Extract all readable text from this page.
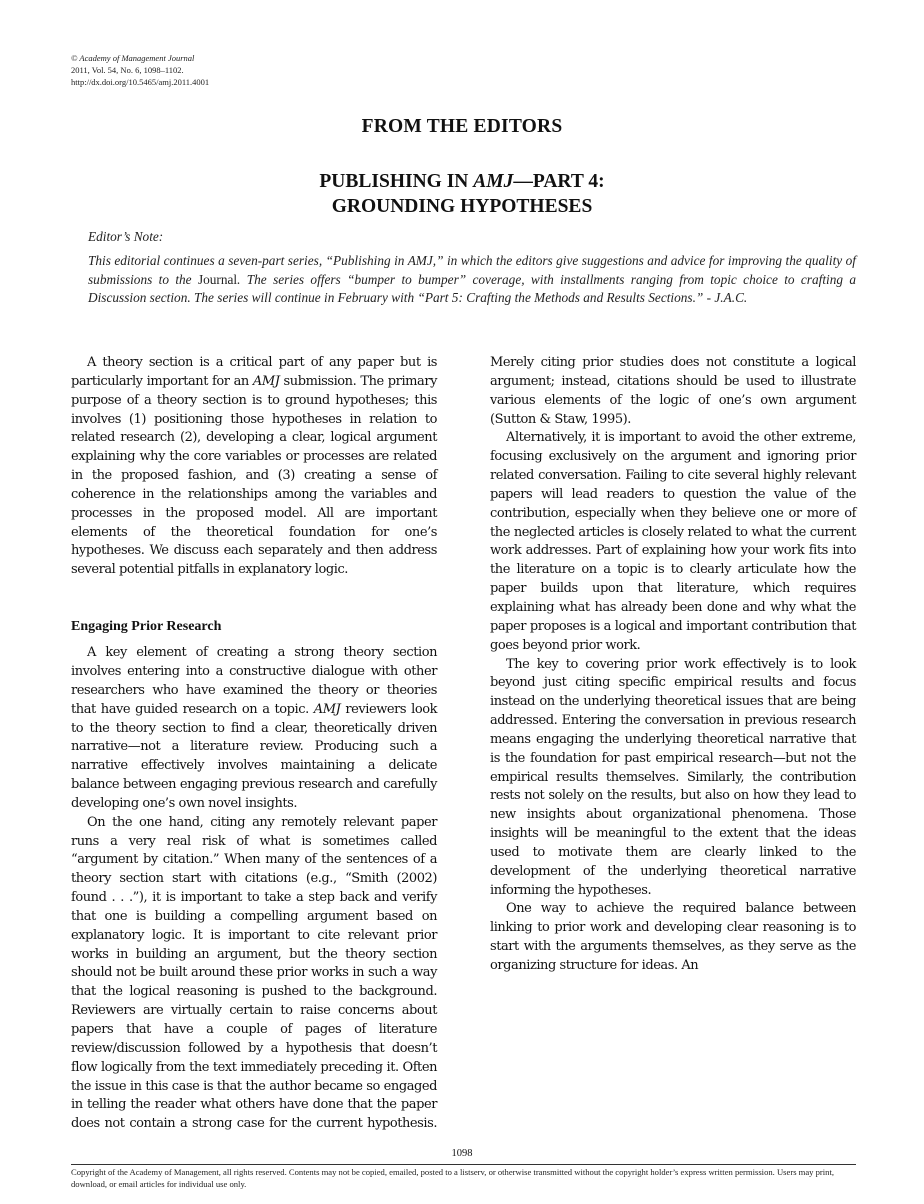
© Academy of Management Journal
2011, Vol. 54, No. 6, 1098–1102.
http://dx.doi.org/10.5465/amj.2011.4001
FROM THE EDITORS
PUBLISHING IN AMJ—PART 4:
GROUNDING HYPOTHESES
Editor’s Note:
This editorial continues a seven-part series, “Publishing in AMJ,” in which the editors give suggestions and advice for improving the quality of submissions to the Journal. The series offers “bumper to bumper” coverage, with installments ranging from topic choice to crafting a Discussion section. The series will continue in February with “Part 5: Crafting the Methods and Results Sections.” - J.A.C.

A theory section is a critical part of any paper but is particularly important for an AMJ submission. The primary purpose of a theory section is to ground hypotheses; this involves (1) positioning those hypotheses in relation to related research (2), developing a clear, logical argument explaining why the core variables or processes are related in the proposed fashion, and (3) creating a sense of coherence in the relationships among the variables and processes in the proposed model. All are important elements of the theoretical foundation for one’s hypotheses. We discuss each separately and then address several potential pitfalls in explanatory logic.

Engaging Prior Research

A key element of creating a strong theory section involves entering into a constructive dialogue with other researchers who have examined the theory or theories that have guided research on a topic. AMJ reviewers look to the theory section to find a clear, theoretically driven narrative—not a literature review. Producing such a narrative effectively involves maintaining a delicate balance between engaging previous research and carefully developing one’s own novel insights.

On the one hand, citing any remotely relevant paper runs a very real risk of what is sometimes called “argument by citation.” When many of the sentences of a theory section start with citations (e.g., “Smith (2002) found . . .”), it is important to take a step back and verify that one is building a compelling argument based on explanatory logic. It is important to cite relevant prior works in building an argument, but the theory section should not be built around these prior works in such a way that the logical reasoning is pushed to the background. Reviewers are virtually certain to raise concerns about papers that have a couple of pages of literature review/discussion followed by a hypothesis that doesn’t flow logically from the text immediately preceding it. Often the issue in this case is that the author became so engaged in telling the reader what others have done that the paper does not contain a strong case for the current hypothesis. Merely citing prior studies does not constitute a logical argument; instead, citations should be used to illustrate various elements of the logic of one’s own argument (Sutton & Staw, 1995).

Alternatively, it is important to avoid the other extreme, focusing exclusively on the argument and ignoring prior related conversation. Failing to cite several highly relevant papers will lead readers to question the value of the contribution, especially when they believe one or more of the neglected articles is closely related to what the current work addresses. Part of explaining how your work fits into the literature on a topic is to clearly articulate how the paper builds upon that literature, which requires explaining what has already been done and why what the paper proposes is a logical and important contribution that goes beyond prior work.

The key to covering prior work effectively is to look beyond just citing specific empirical results and focus instead on the underlying theoretical issues that are being addressed. Entering the conversation in previous research means engaging the underlying theoretical narrative that is the foundation for past empirical research—but not the empirical results themselves. Similarly, the contribution rests not solely on the results, but also on how they lead to new insights about organizational phenomena. Those insights will be meaningful to the extent that the ideas used to motivate them are clearly linked to the development of the underlying theoretical narrative informing the hypotheses.

One way to achieve the required balance between linking to prior work and developing clear reasoning is to start with the arguments themselves, as they serve as the organizing structure for ideas. An

1098
Copyright of the Academy of Management, all rights reserved. Contents may not be copied, emailed, posted to a listserv, or otherwise transmitted without the copyright holder’s express written permission. Users may print, download, or email articles for individual use only.
